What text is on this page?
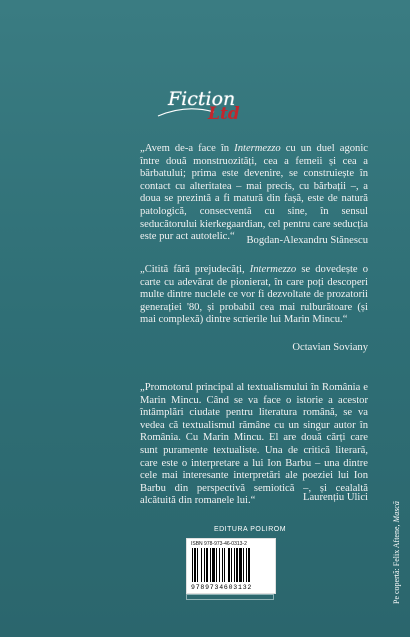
Fiction
Ltd
„Avem de-a face în Intermezzo cu un duel agonic între două monstruozități, cea a femeii și cea a bărbatului; prima este devenire, se construiește în contact cu alteritatea – mai precis, cu bărbații –, a doua se prezintă a fi matură din fașă, este de natură patologică, consecventă cu sine, în sensul seducătorului kierkegaardian, cel pentru care seducția este pur act autotelic.“	Bogdan-Alexandru Stănescu
„Citită fără prejudecăți, Intermezzo se dovedește o carte cu adevărat de pionierat, în care poți descoperi multe dintre nuclele ce vor fi dezvoltate de prozatorii generației '80, și probabil cea mai rulburătoare (și mai complexă) dintre scrierile lui Marin Mincu.“
Octavian Soviany
„Promotorul principal al textualismului în România e Marin Mincu. Când se va face o istorie a acestor întâmplări ciudate pentru literatura română, se va vedea că textualismul rămâne cu un singur autor în România. Cu Marin Mincu. El are două cărți care sunt puramente textualiste. Una de critică literară, care este o interpretare a lui Ion Barbu – una dintre cele mai interesante interpretări ale poeziei lui Ion Barbu din perspectivă semiotică –, și cealaltă alcătuită din romanele lui.“	Laurențiu Ulici
EDITURA POLIROM
ISBN 978-973-46-0313-2
9789734603132	Pe copertă: Felix Aftene, Mască
